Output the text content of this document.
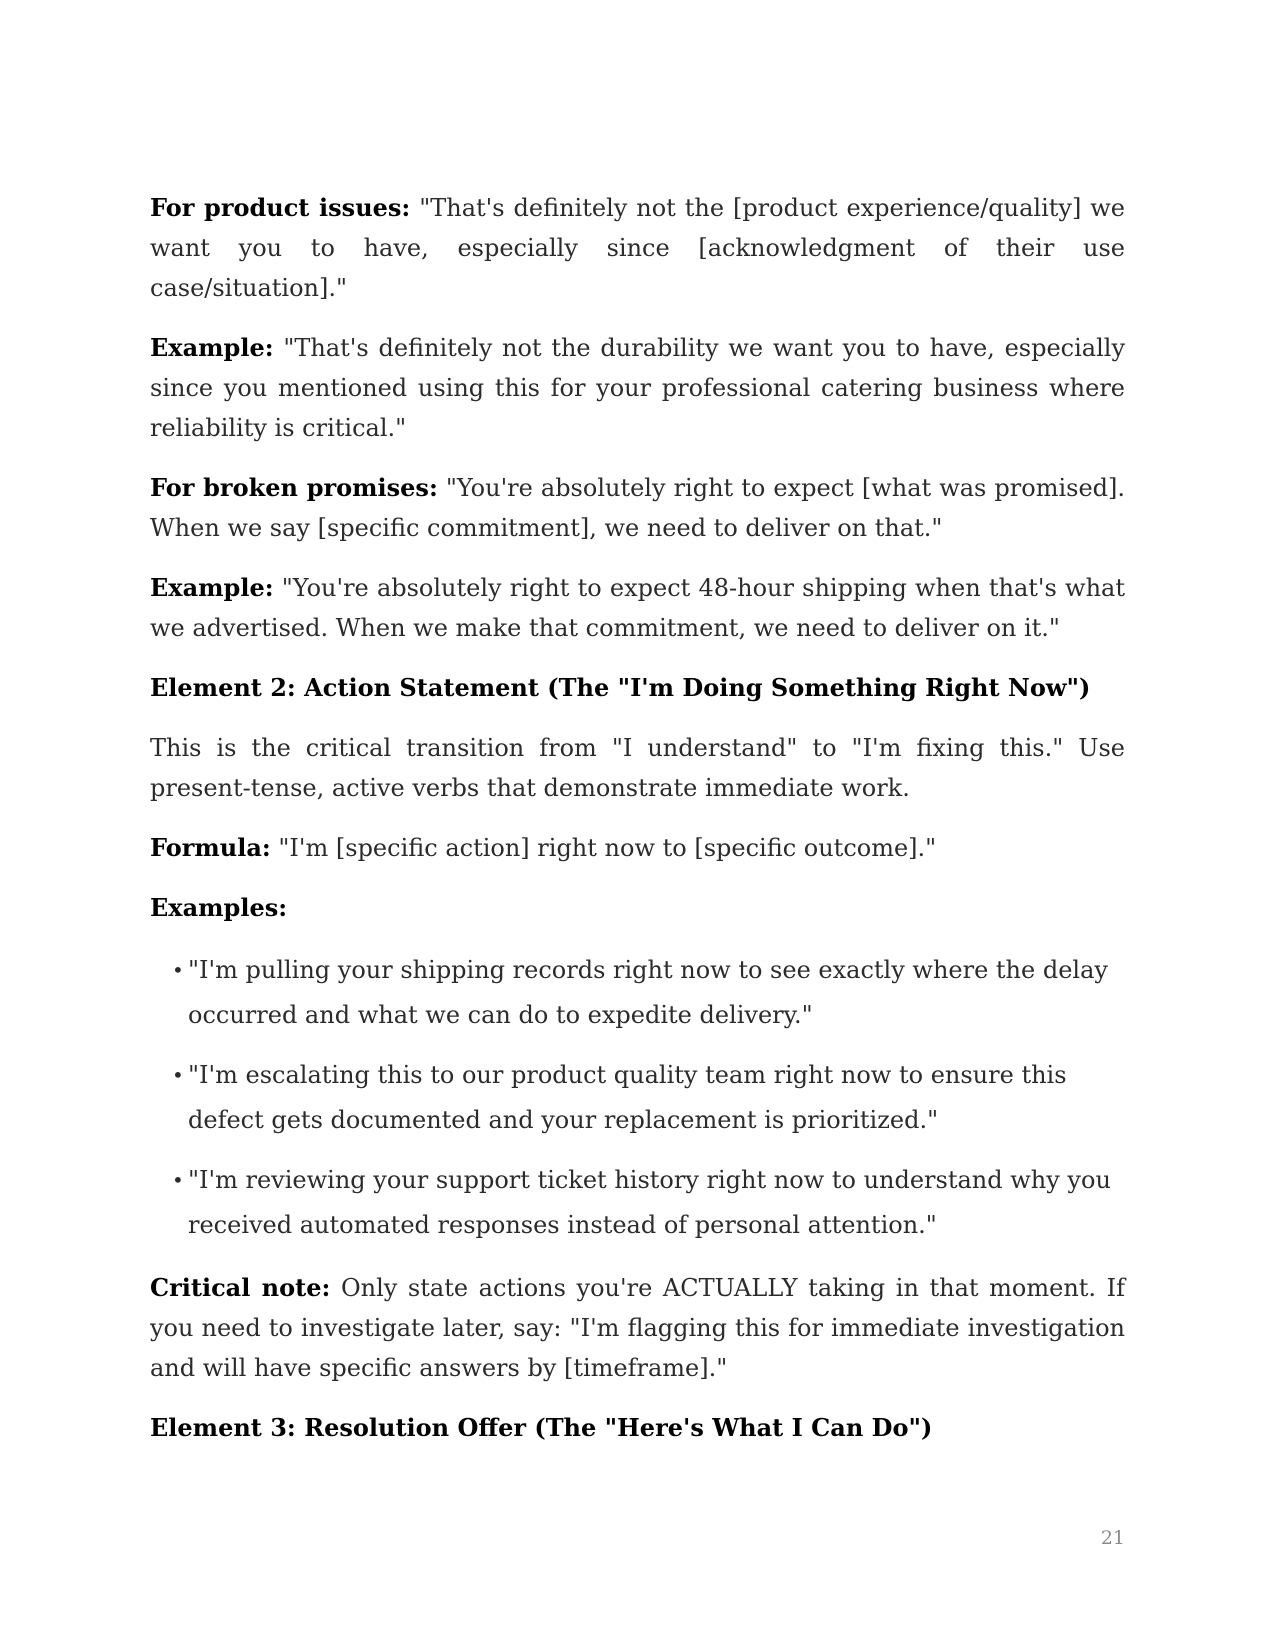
For product issues: "That's definitely not the [product experience/quality] we want you to have, especially since [acknowledgment of their use case/situation]."

Example: "That's definitely not the durability we want you to have, especially since you mentioned using this for your professional catering business where reliability is critical."

For broken promises: "You're absolutely right to expect [what was promised]. When we say [specific commitment], we need to deliver on that."

Example: "You're absolutely right to expect 48-hour shipping when that's what we advertised. When we make that commitment, we need to deliver on it."

Element 2: Action Statement (The "I'm Doing Something Right Now")

This is the critical transition from "I understand" to "I'm fixing this." Use present-tense, active verbs that demonstrate immediate work.

Formula: "I'm [specific action] right now to [specific outcome]."

Examples:

• "I'm pulling your shipping records right now to see exactly where the delay occurred and what we can do to expedite delivery."
• "I'm escalating this to our product quality team right now to ensure this defect gets documented and your replacement is prioritized."
• "I'm reviewing your support ticket history right now to understand why you received automated responses instead of personal attention."

Critical note: Only state actions you're ACTUALLY taking in that moment. If you need to investigate later, say: "I'm flagging this for immediate investigation and will have specific answers by [timeframe]."

Element 3: Resolution Offer (The "Here's What I Can Do")
21
